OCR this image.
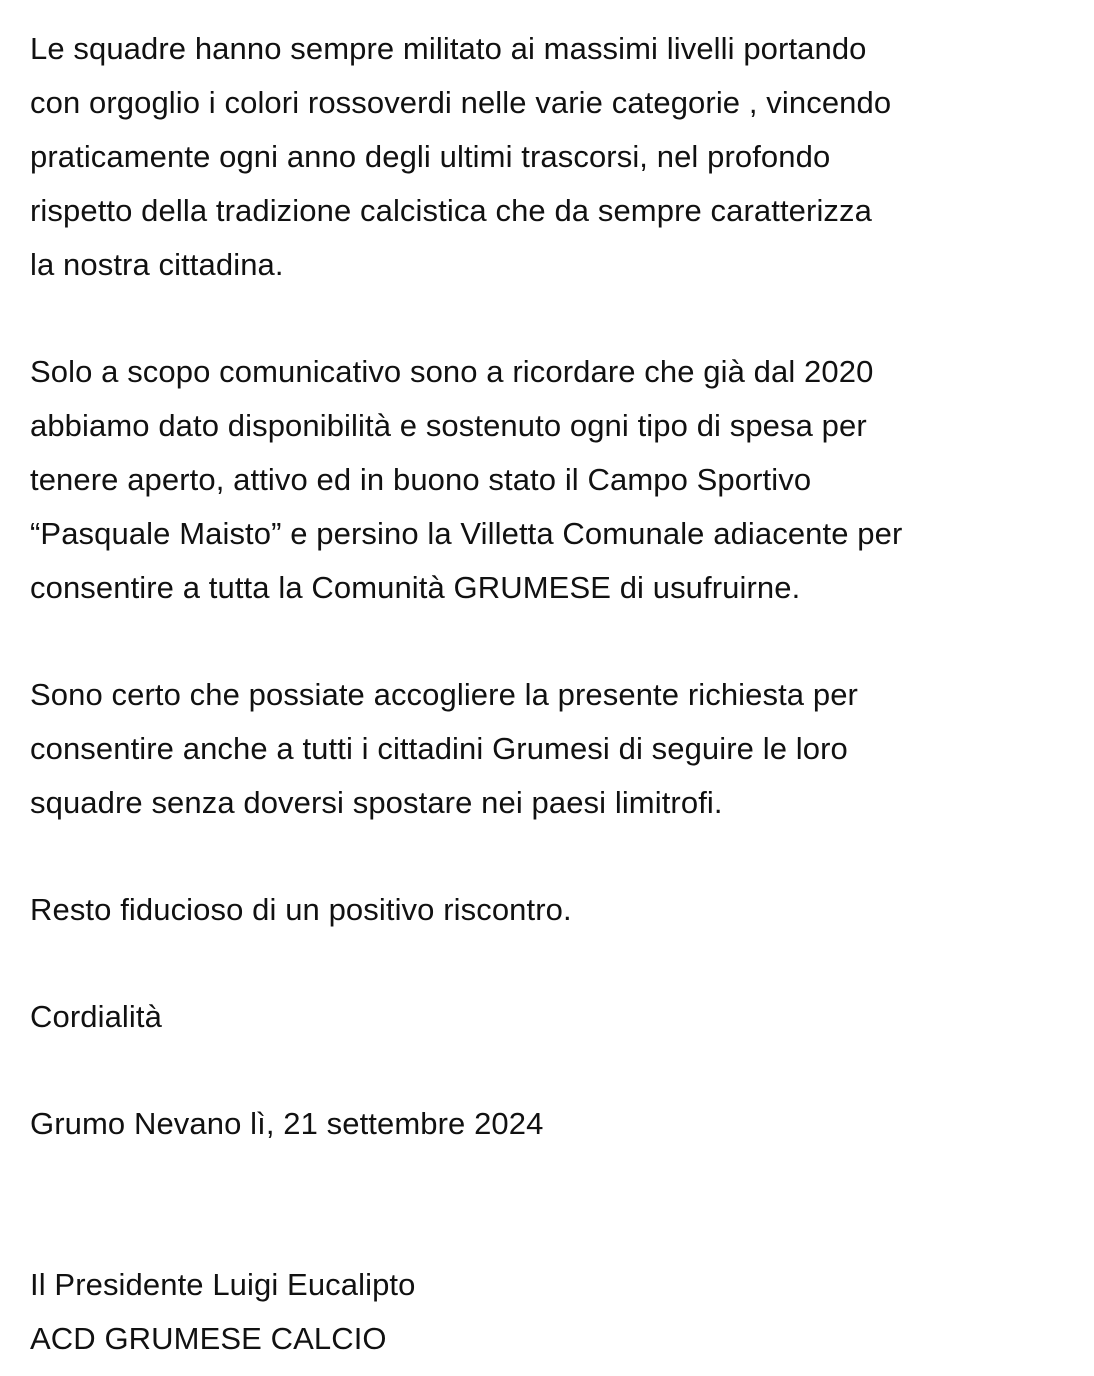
Le squadre hanno sempre militato ai massimi livelli portando
con orgoglio i colori rossoverdi nelle varie categorie , vincendo
praticamente ogni anno degli ultimi trascorsi, nel profondo
rispetto della tradizione calcistica che da sempre caratterizza
la nostra cittadina.
Solo a scopo comunicativo sono a ricordare che già dal 2020
abbiamo dato disponibilità e sostenuto ogni tipo di spesa per
tenere aperto, attivo ed in buono stato il Campo Sportivo
“Pasquale Maisto” e persino la Villetta Comunale adiacente per
consentire a tutta la Comunità GRUMESE di usufruirne.
Sono certo che possiate accogliere la presente richiesta per
consentire anche a tutti i cittadini Grumesi di seguire le loro
squadre senza doversi spostare nei paesi limitrofi.
Resto fiducioso di un positivo riscontro.
Cordialità
Grumo Nevano lì, 21 settembre 2024
Il Presidente Luigi Eucalipto
ACD GRUMESE CALCIO
